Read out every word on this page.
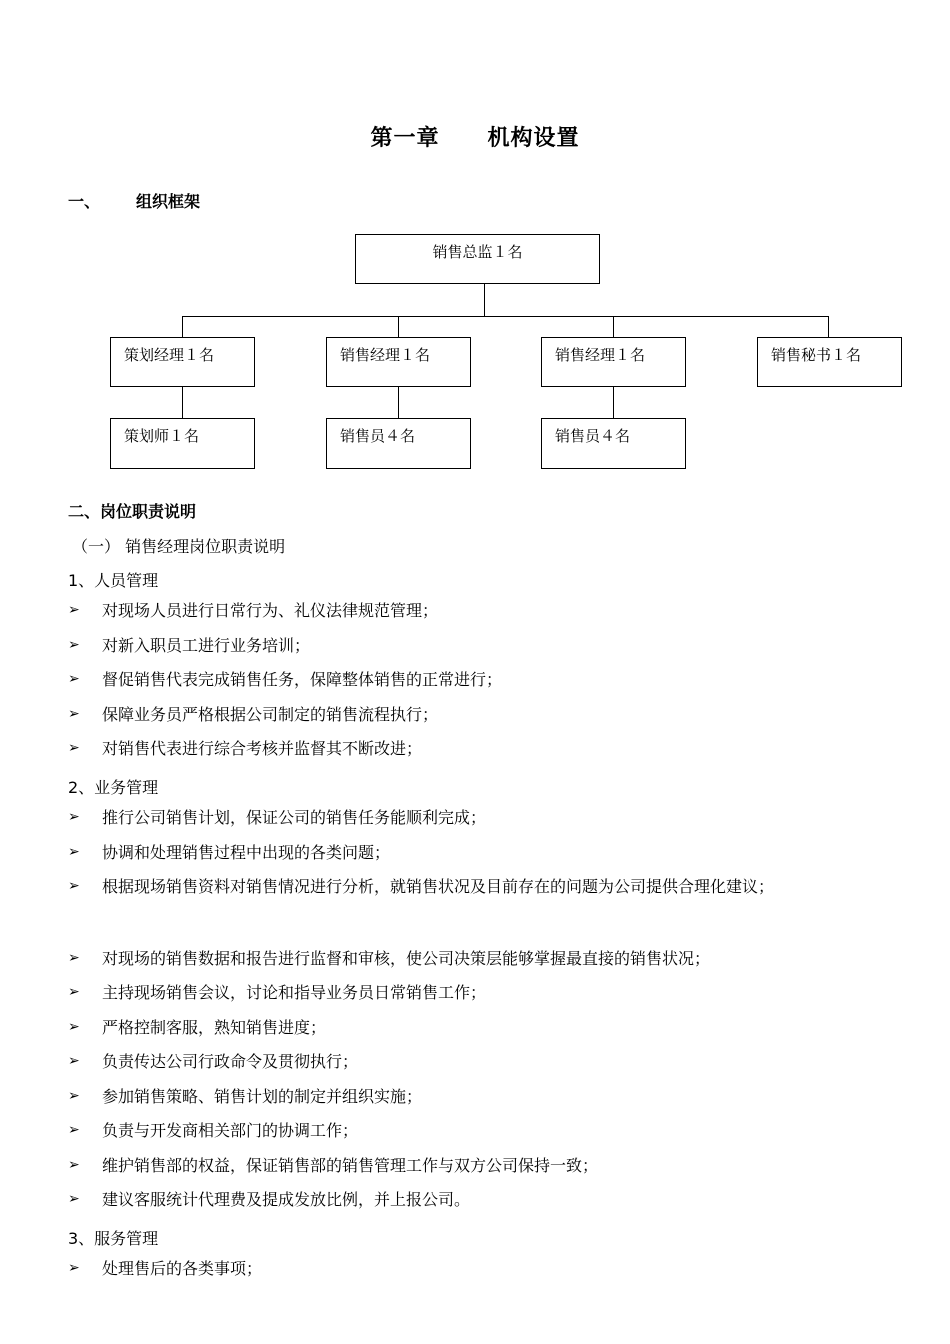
第一章 机构设置
一、 组织框架
销售总监１名
策划经理１名	销售经理１名	销售经理１名	销售秘书１名
策划师１名	销售员４名	销售员４名
二、岗位职责说明
（一） 销售经理岗位职责说明
1、人员管理
➢	对现场人员进行日常行为、礼仪法律规范管理；
➢	对新入职员工进行业务培训；
➢	督促销售代表完成销售任务，保障整体销售的正常进行；
➢	保障业务员严格根据公司制定的销售流程执行；
➢	对销售代表进行综合考核并监督其不断改进；
2、业务管理
➢	推行公司销售计划，保证公司的销售任务能顺利完成；
➢	协调和处理销售过程中出现的各类问题；
➢	根据现场销售资料对销售情况进行分析，就销售状况及目前存在的问题为公司提供合理化建议；
➢	对现场的销售数据和报告进行监督和审核，使公司决策层能够掌握最直接的销售状况；
➢	主持现场销售会议，讨论和指导业务员日常销售工作；
➢	严格控制客服，熟知销售进度；
➢	负责传达公司行政命令及贯彻执行；
➢	参加销售策略、销售计划的制定并组织实施；
➢	负责与开发商相关部门的协调工作；
➢	维护销售部的权益，保证销售部的销售管理工作与双方公司保持一致；
➢	建议客服统计代理费及提成发放比例，并上报公司。
3、服务管理
➢	处理售后的各类事项；
